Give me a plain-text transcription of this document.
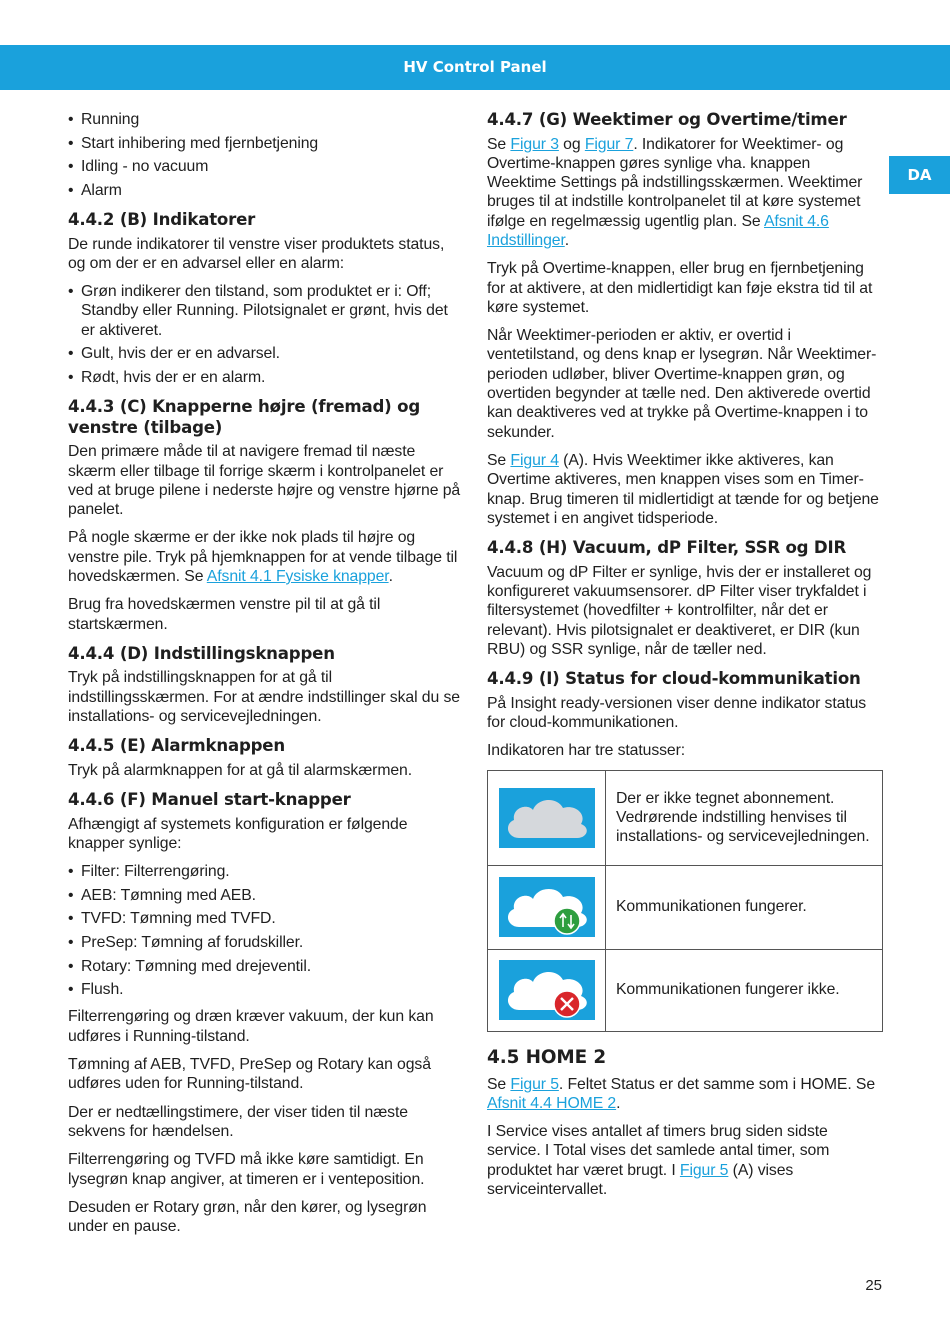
HV Control Panel
DA
• Running
• Start inhibering med fjernbetjening
• Idling - no vacuum
• Alarm
4.4.2 (B) Indikatorer

De runde indikatorer til venstre viser produktets status, og om der er en advarsel eller en alarm:

• Grøn indikerer den tilstand, som produktet er i: Off; Standby eller Running. Pilotsignalet er grønt, hvis det er aktiveret.
• Gult, hvis der er en advarsel.
• Rødt, hvis der er en alarm.
4.4.3 (C) Knapperne højre (fremad) og venstre (tilbage)

Den primære måde til at navigere fremad til næste skærm eller tilbage til forrige skærm i kontrolpanelet er ved at bruge pilene i nederste højre og venstre hjørne på panelet.

På nogle skærme er der ikke nok plads til højre og venstre pile. Tryk på hjemknappen for at vende tilbage til hovedskærmen. Se Afsnit 4.1 Fysiske knapper.

Brug fra hovedskærmen venstre pil til at gå til startskærmen.

4.4.4 (D) Indstillingsknappen

Tryk på indstillingsknappen for at gå til indstillingsskærmen. For at ændre indstillinger skal du se installations- og servicevejledningen.

4.4.5 (E) Alarmknappen

Tryk på alarmknappen for at gå til alarmskærmen.

4.4.6 (F) Manuel start-knapper

Afhængigt af systemets konfiguration er følgende knapper synlige:

• Filter: Filterrengøring.
• AEB: Tømning med AEB.
• TVFD: Tømning med TVFD.
• PreSep: Tømning af forudskiller.
• Rotary: Tømning med drejeventil.
• Flush.

Filterrengøring og dræn kræver vakuum, der kun kan udføres i Running-tilstand.

Tømning af AEB, TVFD, PreSep og Rotary kan også udføres uden for Running-tilstand.

Der er nedtællingstimere, der viser tiden til næste sekvens for hændelsen.

Filterrengøring og TVFD må ikke køre samtidigt. En lysegrøn knap angiver, at timeren er i venteposition.

Desuden er Rotary grøn, når den kører, og lysegrøn under en pause.

4.4.7 (G) Weektimer og Overtime/timer

Se Figur 3 og Figur 7. Indikatorer for Weektimer- og Overtime-knappen gøres synlige vha. knappen Weektime Settings på indstillingsskærmen. Weektimer bruges til at indstille kontrolpanelet til at køre systemet ifølge en regelmæssig ugentlig plan. Se Afsnit 4.6 Indstillinger.

Tryk på Overtime-knappen, eller brug en fjernbetjening for at aktivere, at den midlertidigt kan føje ekstra tid til at køre systemet.

Når Weektimer-perioden er aktiv, er overtid i ventetilstand, og dens knap er lysegrøn. Når Weektimer-perioden udløber, bliver Overtime-knappen grøn, og overtiden begynder at tælle ned. Den aktiverede overtid kan deaktiveres ved at trykke på Overtime-knappen i to sekunder.

Se Figur 4 (A). Hvis Weektimer ikke aktiveres, kan Overtime aktiveres, men knappen vises som en Timer-knap. Brug timeren til midlertidigt at tænde for og betjene systemet i en angivet tidsperiode.

4.4.8 (H) Vacuum, dP Filter, SSR og DIR

Vacuum og dP Filter er synlige, hvis der er installeret og konfigureret vakuumsensorer. dP Filter viser trykfaldet i filtersystemet (hovedfilter + kontrolfilter, når det er relevant). Hvis pilotsignalet er deaktiveret, er DIR (kun RBU) og SSR synlige, når de tæller ned.

4.4.9 (I) Status for cloud-kommunikation

På Insight ready-versionen viser denne indikator status for cloud-kommunikationen.

Indikatoren har tre statusser:

	Der er ikke tegnet abonnement. Vedrørende indstilling henvises til installations- og servicevejledningen.

	Kommunikationen fungerer.

	Kommunikationen fungerer ikke.
4.5 HOME 2

Se Figur 5. Feltet Status er det samme som i HOME. Se Afsnit 4.4 HOME 2.

I Service vises antallet af timers brug siden sidste service. I Total vises det samlede antal timer, som produktet har været brugt. I Figur 5 (A) vises serviceintervallet.

25
